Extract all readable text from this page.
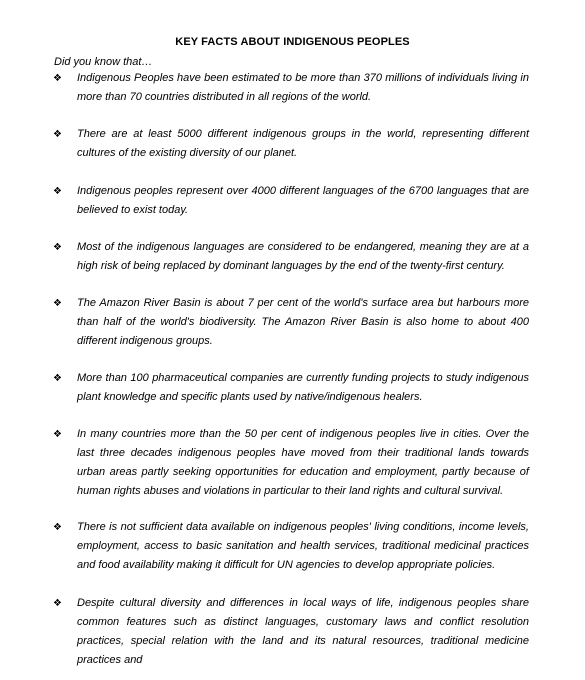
KEY FACTS ABOUT INDIGENOUS PEOPLES
Did you know that…
❖ Indigenous Peoples have been estimated to be more than 370 millions of individuals living in more than 70 countries distributed in all regions of the world.
❖ There are at least 5000 different indigenous groups in the world, representing different cultures of the existing diversity of our planet.
❖ Indigenous peoples represent over 4000 different languages of the 6700 languages that are believed to exist today.
❖ Most of the indigenous languages are considered to be endangered, meaning they are at a high risk of being replaced by dominant languages by the end of the twenty-first century.
❖ The Amazon River Basin is about 7 per cent of the world's surface area but harbours more than half of the world's biodiversity. The Amazon River Basin is also home to about 400 different indigenous groups.
❖ More than 100 pharmaceutical companies are currently funding projects to study indigenous plant knowledge and specific plants used by native/indigenous healers.
❖ In many countries more than the 50 per cent of indigenous peoples live in cities. Over the last three decades indigenous peoples have moved from their traditional lands towards urban areas partly seeking opportunities for education and employment, partly because of human rights abuses and violations in particular to their land rights and cultural survival.
❖ There is not sufficient data available on indigenous peoples' living conditions, income levels, employment, access to basic sanitation and health services, traditional medicinal practices and food availability making it difficult for UN agencies to develop appropriate policies.
❖ Despite cultural diversity and differences in local ways of life, indigenous peoples share common features such as distinct languages, customary laws and conflict resolution practices, special relation with the land and its natural resources, traditional medicine practices and
